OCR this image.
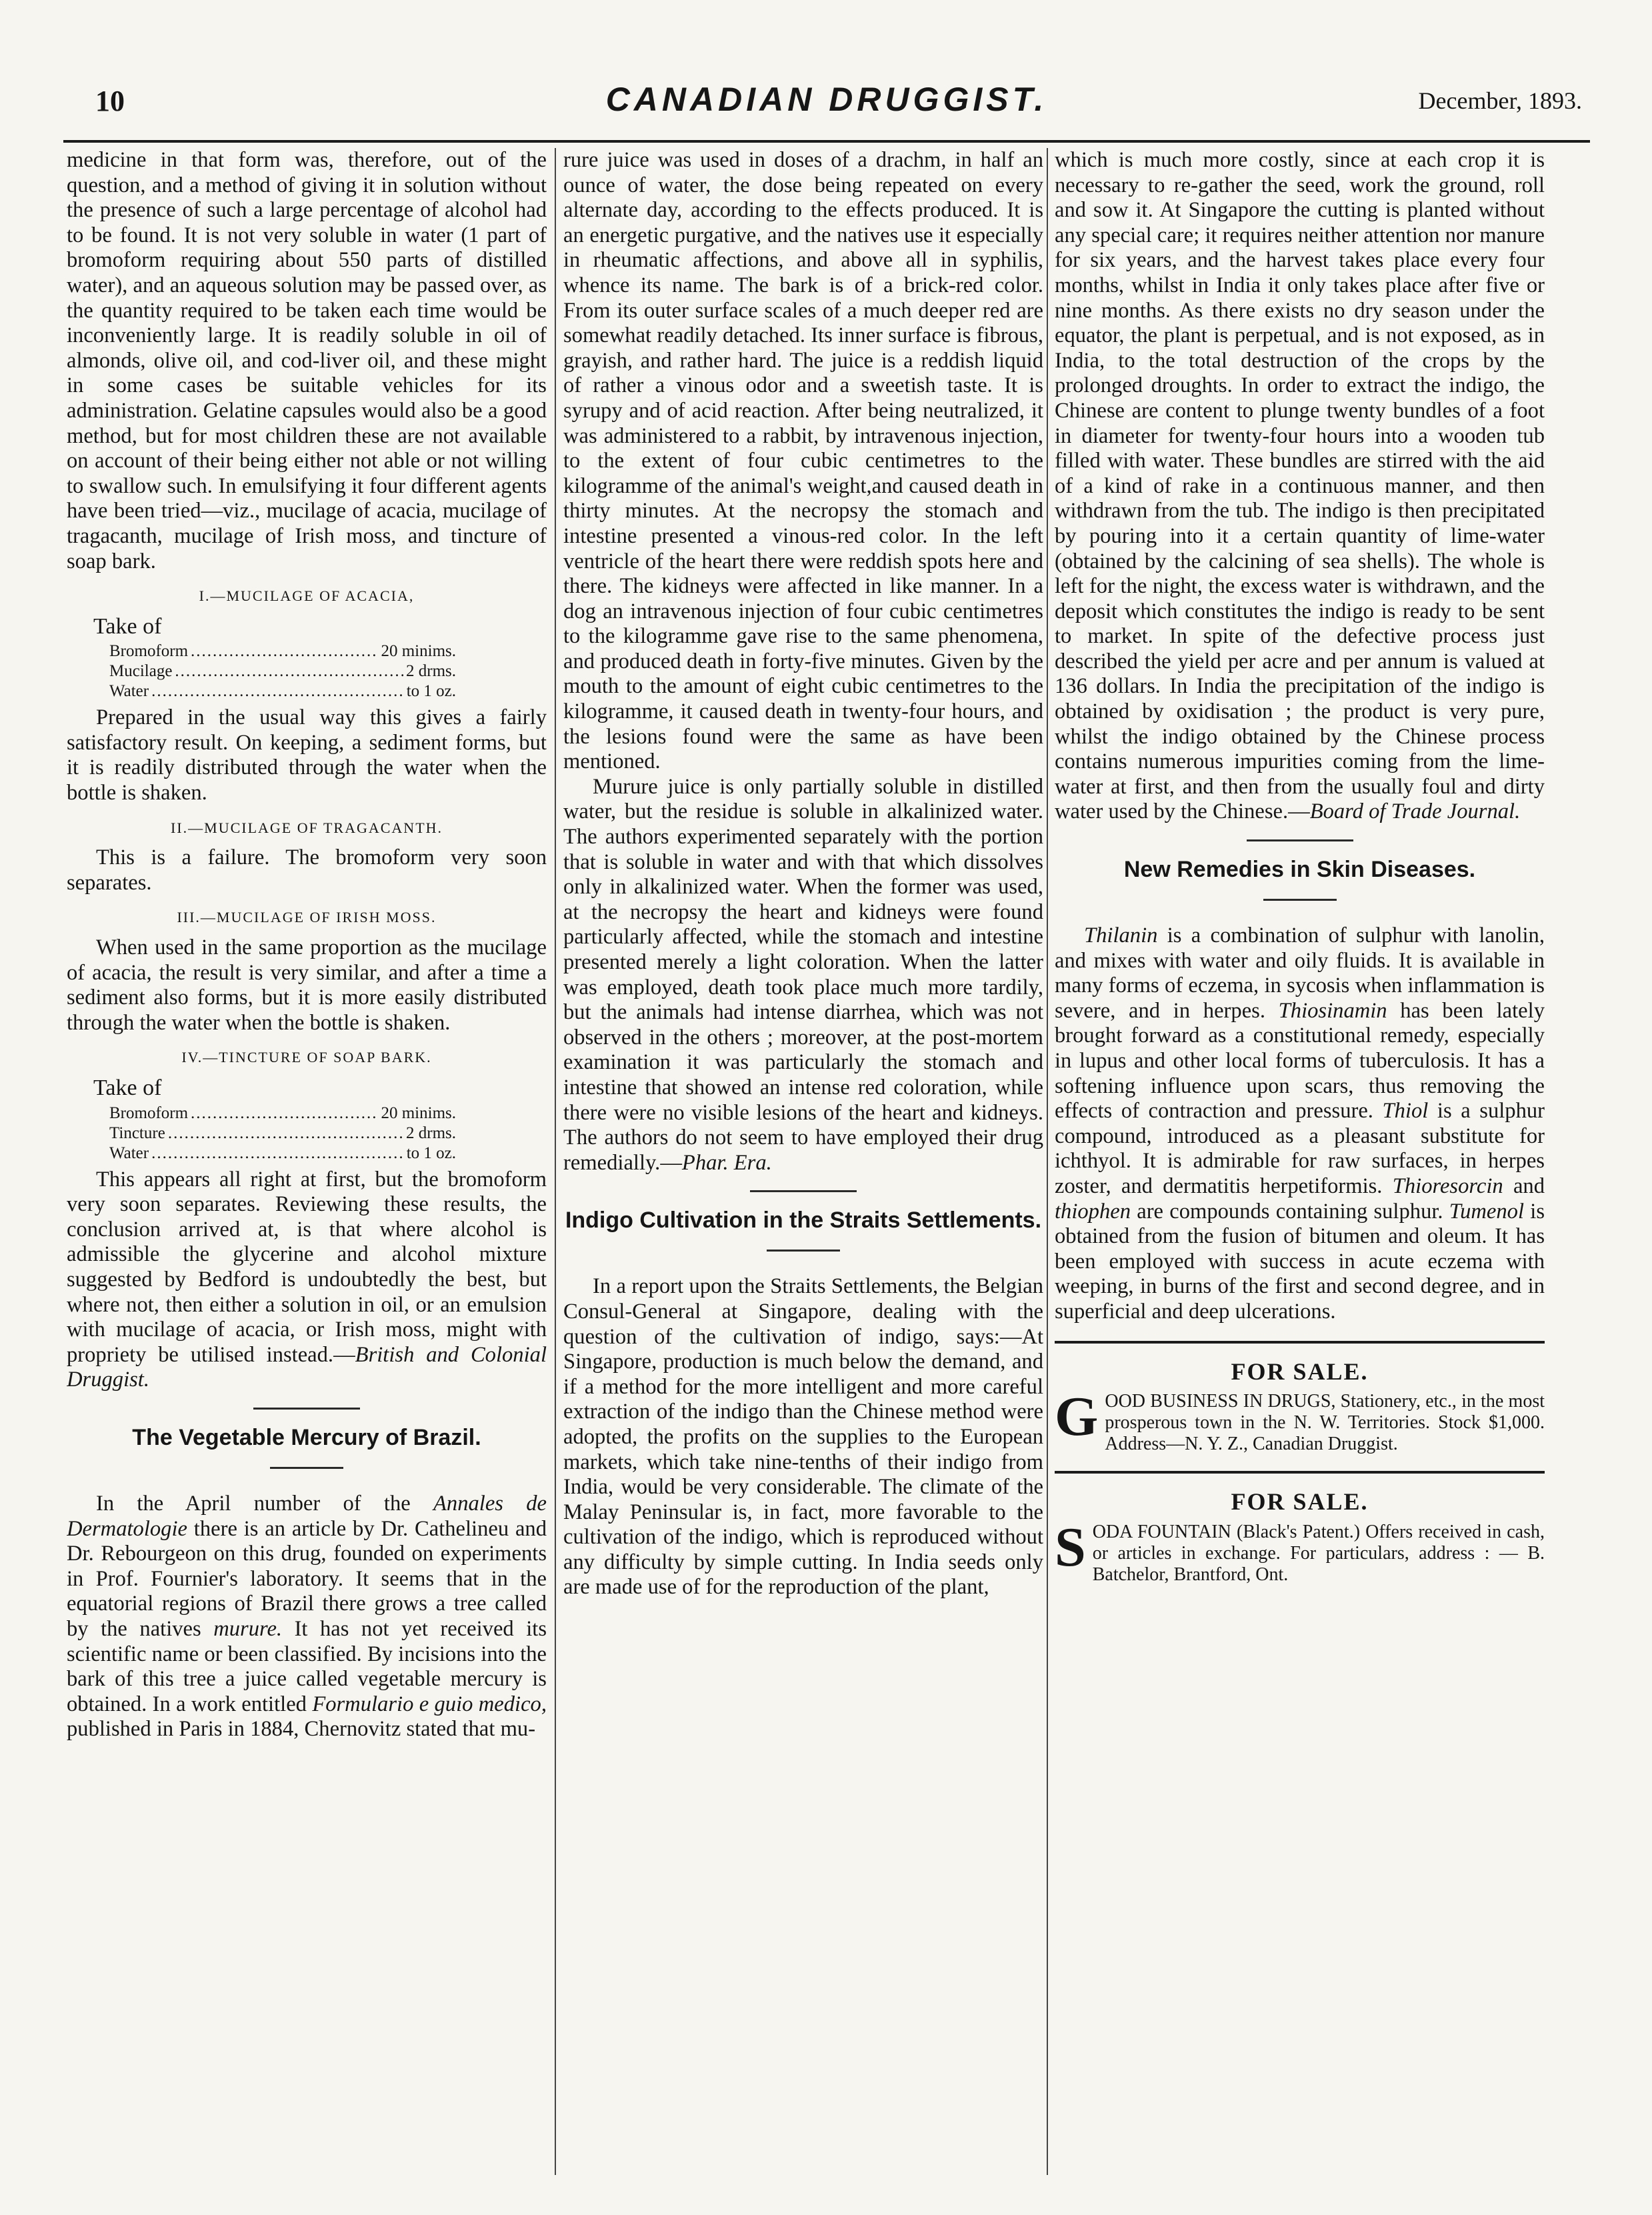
10	CANADIAN DRUGGIST.	December, 1893.

medicine in that form was, therefore, out of the question, and a method of giving it in solution without the presence of such a large percentage of alcohol had to be found. It is not very soluble in water (1 part of bromoform requiring about 550 parts of distilled water), and an aqueous solution may be passed over, as the quantity required to be taken each time would be inconveniently large. It is readily soluble in oil of almonds, olive oil, and cod-liver oil, and these might in some cases be suitable vehicles for its administration. Gelatine capsules would also be a good method, but for most children these are not available on account of their being either not able or not willing to swallow such. In emulsifying it four different agents have been tried—viz., mucilage of acacia, mucilage of tragacanth, mucilage of Irish moss, and tincture of soap bark.

I.—MUCILAGE OF ACACIA,
Take of
Bromoform .....	20 minims.
Mucilage .....	2 drms.
Water .....	to 1 oz.

Prepared in the usual way this gives a fairly satisfactory result. On keeping, a sediment forms, but it is readily distributed through the water when the bottle is shaken.

II.—MUCILAGE OF TRAGACANTH.

This is a failure. The bromoform very soon separates.

III.—MUCILAGE OF IRISH MOSS.

When used in the same proportion as the mucilage of acacia, the result is very similar, and after a time a sediment also forms, but it is more easily distributed through the water when the bottle is shaken.

IV.—TINCTURE OF SOAP BARK.
Take of
Bromoform .....	20 minims.
Tincture .....	2 drms.
Water .....	to 1 oz.

This appears all right at first, but the bromoform very soon separates. Reviewing these results, the conclusion arrived at, is that where alcohol is admissible the glycerine and alcohol mixture suggested by Bedford is undoubtedly the best, but where not, then either a solution in oil, or an emulsion with mucilage of acacia, or Irish moss, might with propriety be utilised instead.—British and Colonial Druggist.

The Vegetable Mercury of Brazil.

In the April number of the Annales de Dermatologie there is an article by Dr. Cathelineu and Dr. Rebourgeon on this drug, founded on experiments in Prof. Fournier's laboratory. It seems that in the equatorial regions of Brazil there grows a tree called by the natives murure. It has not yet received its scientific name or been classified. By incisions into the bark of this tree a juice called vegetable mercury is obtained. In a work entitled Formulario e guio medico, published in Paris in 1884, Chernovitz stated that mu-

rure juice was used in doses of a drachm, in half an ounce of water, the dose being repeated on every alternate day, according to the effects produced. It is an energetic purgative, and the natives use it especially in rheumatic affections, and above all in syphilis, whence its name. The bark is of a brick-red color. From its outer surface scales of a much deeper red are somewhat readily detached. Its inner surface is fibrous, grayish, and rather hard. The juice is a reddish liquid of rather a vinous odor and a sweetish taste. It is syrupy and of acid reaction. After being neutralized, it was administered to a rabbit, by intravenous injection, to the extent of four cubic centimetres to the kilogramme of the animal's weight,and caused death in thirty minutes. At the necropsy the stomach and intestine presented a vinous-red color. In the left ventricle of the heart there were reddish spots here and there. The kidneys were affected in like manner. In a dog an intravenous injection of four cubic centimetres to the kilogramme gave rise to the same phenomena, and produced death in forty-five minutes. Given by the mouth to the amount of eight cubic centimetres to the kilogramme, it caused death in twenty-four hours, and the lesions found were the same as have been mentioned.

Murure juice is only partially soluble in distilled water, but the residue is soluble in alkalinized water. The authors experimented separately with the portion that is soluble in water and with that which dissolves only in alkalinized water. When the former was used, at the necropsy the heart and kidneys were found particularly affected, while the stomach and intestine presented merely a light coloration. When the latter was employed, death took place much more tardily, but the animals had intense diarrhea, which was not observed in the others ; moreover, at the post-mortem examination it was particularly the stomach and intestine that showed an intense red coloration, while there were no visible lesions of the heart and kidneys. The authors do not seem to have employed their drug remedially.—Phar. Era.

Indigo Cultivation in the Straits Settlements.

In a report upon the Straits Settlements, the Belgian Consul-General at Singapore, dealing with the question of the cultivation of indigo, says:—At Singapore, production is much below the demand, and if a method for the more intelligent and more careful extraction of the indigo than the Chinese method were adopted, the profits on the supplies to the European markets, which take nine-tenths of their indigo from India, would be very considerable. The climate of the Malay Peninsular is, in fact, more favorable to the cultivation of the indigo, which is reproduced without any difficulty by simple cutting. In India seeds only are made use of for the reproduction of the plant,

which is much more costly, since at each crop it is necessary to re-gather the seed, work the ground, roll and sow it. At Singapore the cutting is planted without any special care; it requires neither attention nor manure for six years, and the harvest takes place every four months, whilst in India it only takes place after five or nine months. As there exists no dry season under the equator, the plant is perpetual, and is not exposed, as in India, to the total destruction of the crops by the prolonged droughts. In order to extract the indigo, the Chinese are content to plunge twenty bundles of a foot in diameter for twenty-four hours into a wooden tub filled with water. These bundles are stirred with the aid of a kind of rake in a continuous manner, and then withdrawn from the tub. The indigo is then precipitated by pouring into it a certain quantity of lime-water (obtained by the calcining of sea shells). The whole is left for the night, the excess water is withdrawn, and the deposit which constitutes the indigo is ready to be sent to market. In spite of the defective process just described the yield per acre and per annum is valued at 136 dollars. In India the precipitation of the indigo is obtained by oxidisation ; the product is very pure, whilst the indigo obtained by the Chinese process contains numerous impurities coming from the lime-water at first, and then from the usually foul and dirty water used by the Chinese.—Board of Trade Journal.

New Remedies in Skin Diseases.

Thilanin is a combination of sulphur with lanolin, and mixes with water and oily fluids. It is available in many forms of eczema, in sycosis when inflammation is severe, and in herpes. Thiosinamin has been lately brought forward as a constitutional remedy, especially in lupus and other local forms of tuberculosis. It has a softening influence upon scars, thus removing the effects of contraction and pressure. Thiol is a sulphur compound, introduced as a pleasant substitute for ichthyol. It is admirable for raw surfaces, in herpes zoster, and dermatitis herpetiformis. Thioresorcin and thiophen are compounds containing sulphur. Tumenol is obtained from the fusion of bitumen and oleum. It has been employed with success in acute eczema with weeping, in burns of the first and second degree, and in superficial and deep ulcerations.

FOR SALE.
GOOD BUSINESS IN DRUGS, Stationery, etc., in the most prosperous town in the N. W. Territories. Stock $1,000. Address—N. Y. Z., Canadian Druggist.
FOR SALE.
SODA FOUNTAIN (Black's Patent.) Offers received in cash, or articles in exchange. For particulars, address : — B. Batchelor, Brantford, Ont.
